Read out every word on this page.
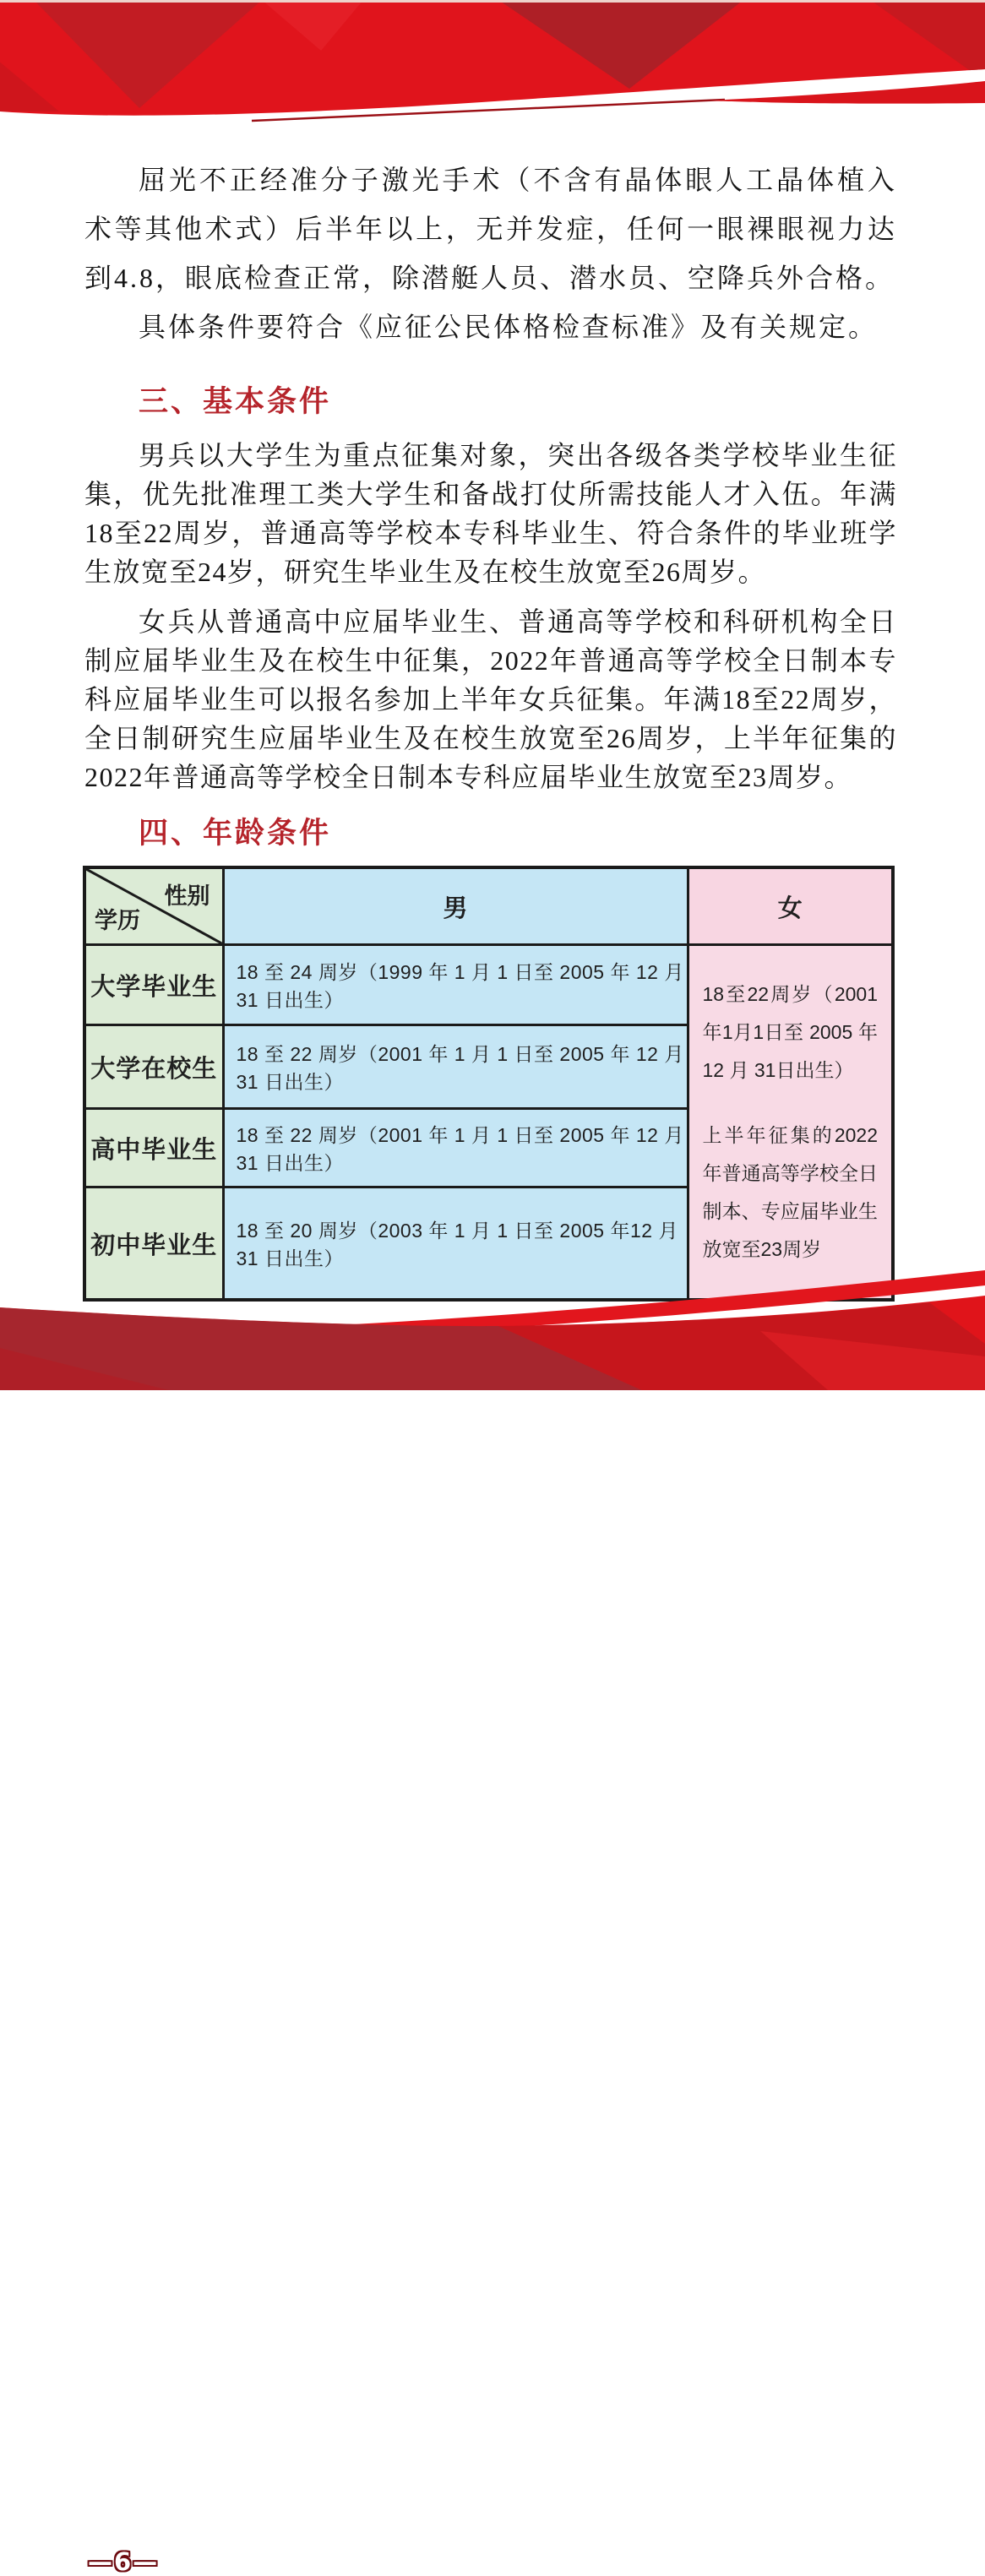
屈光不正经准分子激光手术（不含有晶体眼人工晶体植入术等其他术式）后半年以上，无并发症，任何一眼裸眼视力达到4.8，眼底检查正常，除潜艇人员、潜水员、空降兵外合格。

具体条件要符合《应征公民体格检查标准》及有关规定。

三、基本条件

男兵以大学生为重点征集对象，突出各级各类学校毕业生征集，优先批准理工类大学生和备战打仗所需技能人才入伍。年满18至22周岁，普通高等学校本专科毕业生、符合条件的毕业班学生放宽至24岁，研究生毕业生及在校生放宽至26周岁。

女兵从普通高中应届毕业生、普通高等学校和科研机构全日制应届毕业生及在校生中征集，2022年普通高等学校全日制本专科应届毕业生可以报名参加上半年女兵征集。年满18至22周岁，全日制研究生应届毕业生及在校生放宽至26周岁，上半年征集的2022年普通高等学校全日制本专科应届毕业生放宽至23周岁。

四、年龄条件
性别
学历	男	女
大学毕业生	18 至 24 周岁（1999 年 1 月 1 日至 2005 年 12 月 31 日出生）	18至22周岁（2001 年1月1日至 2005 年 12 月 31日出生）

上半年征集的2022年普通高等学校全日制本、专应届毕业生放宽至23周岁

大学在校生	18 至 22 周岁（2001 年 1 月 1 日至 2005 年 12 月 31 日出生）	
高中毕业生	18 至 22 周岁（2001 年 1 月 1 日至 2005 年 12 月 31 日出生）	
初中毕业生	18 至 20 周岁（2003 年 1 月 1 日至 2005 年12 月 31 日出生）	
—6—
